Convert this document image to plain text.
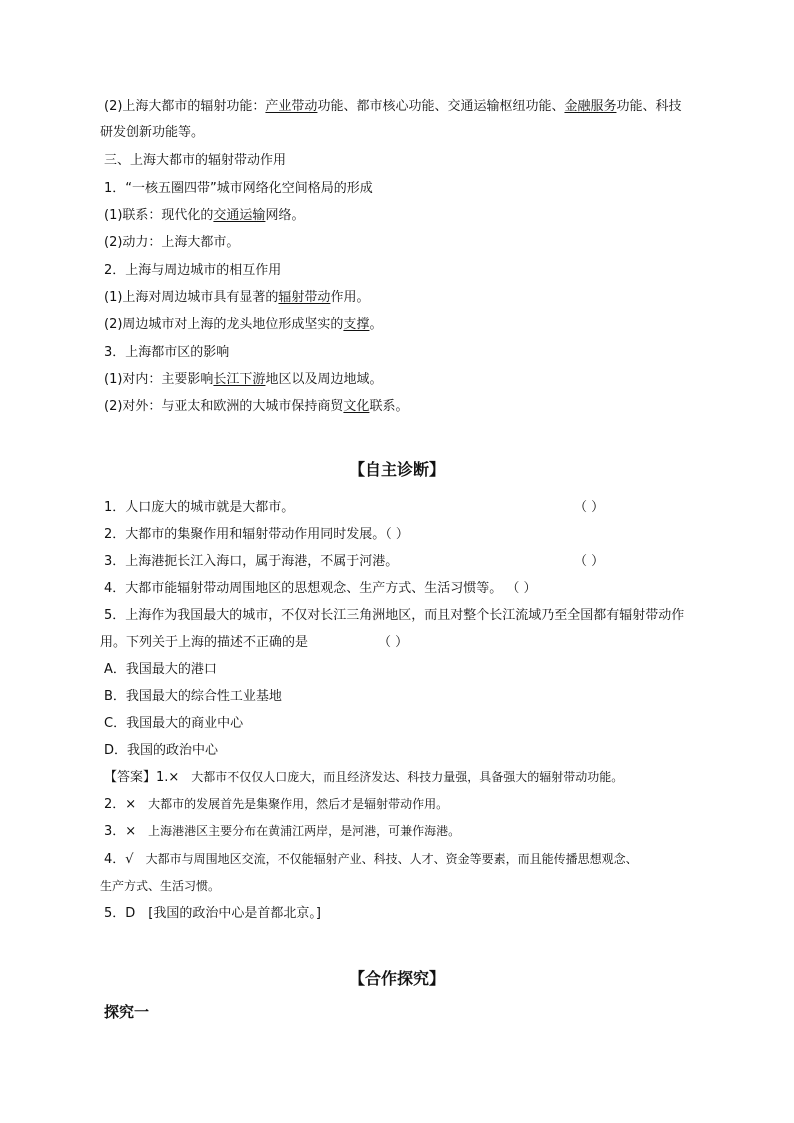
(2)上海大都市的辐射功能：产业带动功能、都市核心功能、交通运输枢纽功能、金融服务功能、科技
研发创新功能等。
三、上海大都市的辐射带动作用
1．“一核五圈四带”城市网络化空间格局的形成
(1)联系：现代化的交通运输网络。
(2)动力：上海大都市。
2．上海与周边城市的相互作用
(1)上海对周边城市具有显著的辐射带动作用。
(2)周边城市对上海的龙头地位形成坚实的支撑。
3．上海都市区的影响
(1)对内：主要影响长江下游地区以及周边地域。
(2)对外：与亚太和欧洲的大城市保持商贸文化联系。
【自主诊断】
1．人口庞大的城市就是大都市。	（ ）
2．大都市的集聚作用和辐射带动作用同时发展。（ ）
3．上海港扼长江入海口，属于海港，不属于河港。	（ ）
4．大都市能辐射带动周围地区的思想观念、生产方式、生活习惯等。 （ ）
5．上海作为我国最大的城市，不仅对长江三角洲地区，而且对整个长江流域乃至全国都有辐射带动作
用。下列关于上海的描述不正确的是	（ ）
A．我国最大的港口
B．我国最大的综合性工业基地
C．我国最大的商业中心
D．我国的政治中心
【答案】1.× 大都市不仅仅人口庞大，而且经济发达、科技力量强，具备强大的辐射带动功能。
2．× 大都市的发展首先是集聚作用，然后才是辐射带动作用。
3．× 上海港港区主要分布在黄浦江两岸，是河港，可兼作海港。
4．√ 大都市与周围地区交流，不仅能辐射产业、科技、人才、资金等要素，而且能传播思想观念、
生产方式、生活习惯。
5．D　[我国的政治中心是首都北京。]
【合作探究】
探究一
